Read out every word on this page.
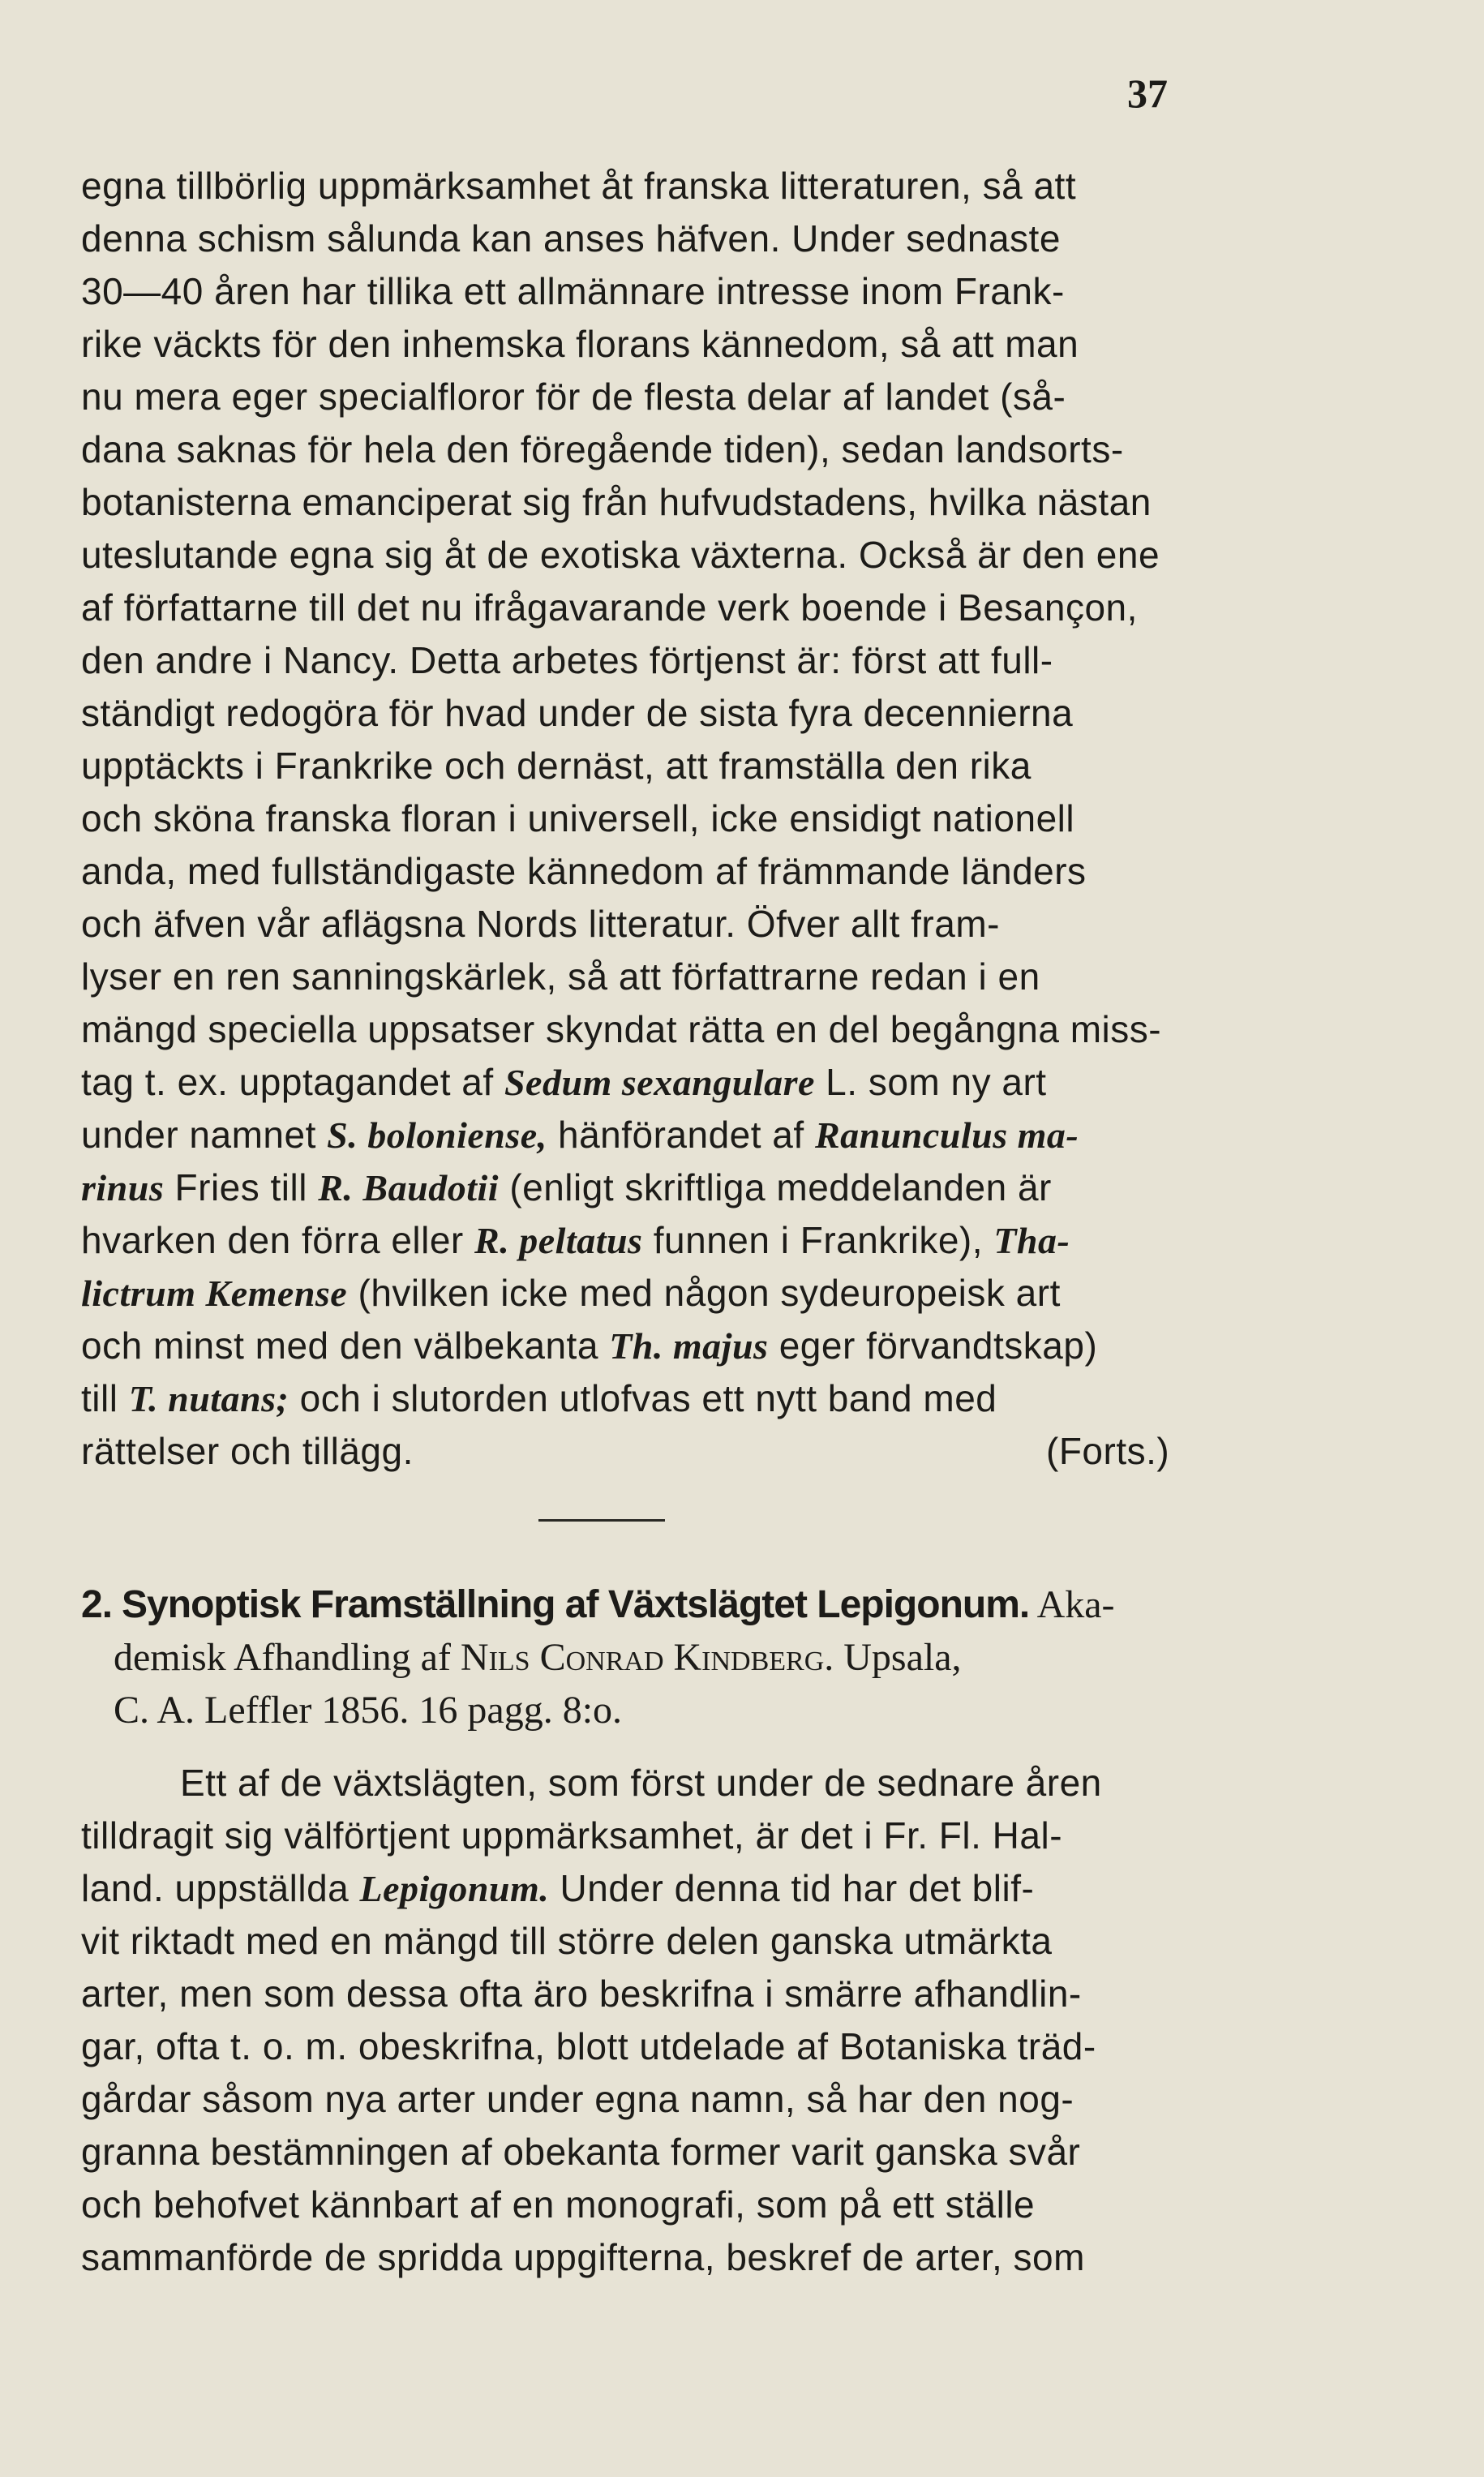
37
egna tillbörlig uppmärksamhet åt franska litteraturen, så att
denna schism sålunda kan anses häfven. Under sednaste
30—40 åren har tillika ett allmännare intresse inom Frank-
rike väckts för den inhemska florans kännedom, så att man
nu mera eger specialfloror för de flesta delar af landet (så-
dana saknas för hela den föregående tiden), sedan landsorts-
botanisterna emanciperat sig från hufvudstadens, hvilka nästan
uteslutande egna sig åt de exotiska växterna. Också är den ene
af författarne till det nu ifrågavarande verk boende i Besançon,
den andre i Nancy. Detta arbetes förtjenst är: först att full-
ständigt redogöra för hvad under de sista fyra decennierna
upptäckts i Frankrike och dernäst, att framställa den rika
och sköna franska floran i universell, icke ensidigt nationell
anda, med fullständigaste kännedom af främmande länders
och äfven vår aflägsna Nords litteratur. Öfver allt fram-
lyser en ren sanningskärlek, så att författrarne redan i en
mängd speciella uppsatser skyndat rätta en del begångna miss-
tag t. ex. upptagandet af Sedum sexangulare L. som ny art
under namnet S. boloniense, hänförandet af Ranunculus ma-
rinus Fries till R. Baudotii (enligt skriftliga meddelanden är
hvarken den förra eller R. peltatus funnen i Frankrike), Tha-
lictrum Kemense (hvilken icke med någon sydeuropeisk art
och minst med den välbekanta Th. majus eger förvandtskap)
till T. nutans; och i slutorden utlofvas ett nytt band med
rättelser och tillägg.	(Forts.)
2. Synoptisk Framställning af Växtslägtet Lepigonum. Aka-
demisk Afhandling af Nils Conrad Kindberg. Upsala,
C. A. Leffler 1856. 16 pagg. 8:o.
Ett af de växtslägten, som först under de sednare åren
tilldragit sig välförtjent uppmärksamhet, är det i Fr. Fl. Hal-
land. uppställda Lepigonum. Under denna tid har det blif-
vit riktadt med en mängd till större delen ganska utmärkta
arter, men som dessa ofta äro beskrifna i smärre afhandlin-
gar, ofta t. o. m. obeskrifna, blott utdelade af Botaniska träd-
gårdar såsom nya arter under egna namn, så har den nog-
granna bestämningen af obekanta former varit ganska svår
och behofvet kännbart af en monografi, som på ett ställe
sammanförde de spridda uppgifterna, beskref de arter, som
